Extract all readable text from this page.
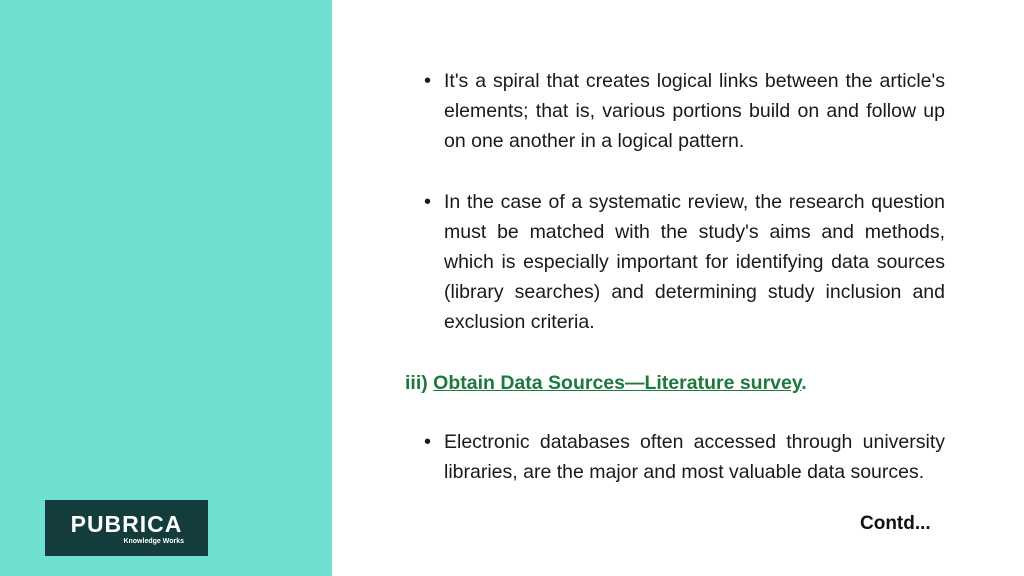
PUBRICA
Knowledge Works
• It's a spiral that creates logical links between the article's elements; that is, various portions build on and follow up on one another in a logical pattern.
• In the case of a systematic review, the research question must be matched with the study's aims and methods, which is especially important for identifying data sources (library searches) and determining study inclusion and exclusion criteria.
iii) Obtain Data Sources—Literature survey.
• Electronic databases often accessed through university libraries, are the major and most valuable data sources.
Contd...
